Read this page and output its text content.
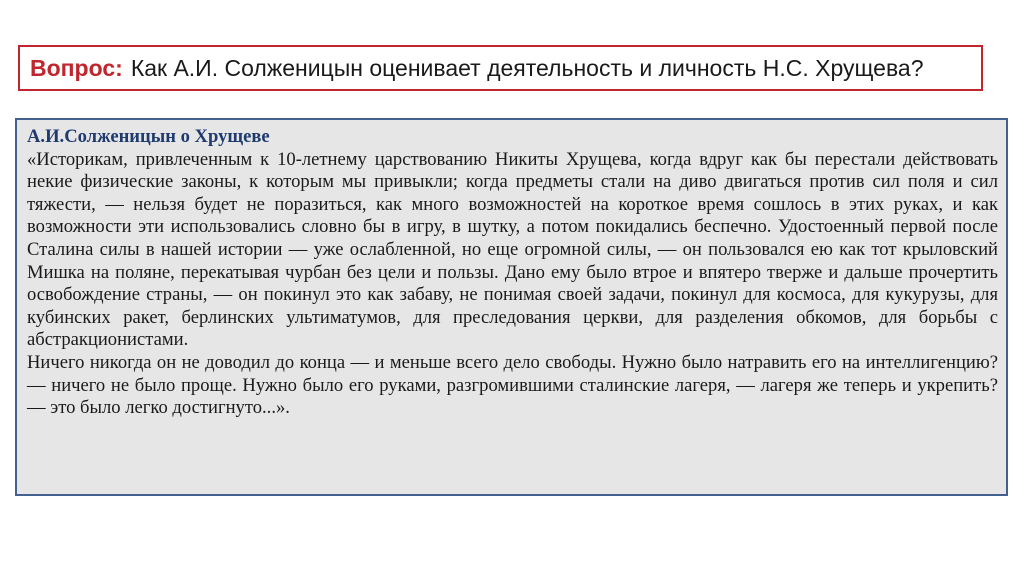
Вопрос: Как А.И. Солженицын оценивает деятельность и личность Н.С. Хрущева?
А.И.Солженицын о Хрущеве

«Историкам, привлеченным к 10-летнему царствованию Никиты Хрущева, когда вдруг как бы перестали действовать некие физические законы, к которым мы привыкли; когда предметы стали на диво двигаться против сил поля и сил тяжести, — нельзя будет не поразиться, как много возможностей на короткое время сошлось в этих руках, и как возможности эти использовались словно бы в игру, в шутку, а потом покидались беспечно. Удостоенный первой после Сталина силы в нашей истории — уже ослабленной, но еще огромной силы, — он пользовался ею как тот крыловский Мишка на поляне, перекатывая чурбан без цели и пользы. Дано ему было втрое и впятеро тверже и дальше прочертить освобождение страны, — он покинул это как забаву, не понимая своей задачи, покинул для космоса, для кукурузы, для кубинских ракет, берлинских ультиматумов, для преследования церкви, для разделения обкомов, для борьбы с абстракционистами.

Ничего никогда он не доводил до конца — и меньше всего дело свободы. Нужно было натравить его на интеллигенцию? — ничего не было проще. Нужно было его руками, разгромившими сталинские лагеря, — лагеря же теперь и укрепить? — это было легко достигнуто...».
